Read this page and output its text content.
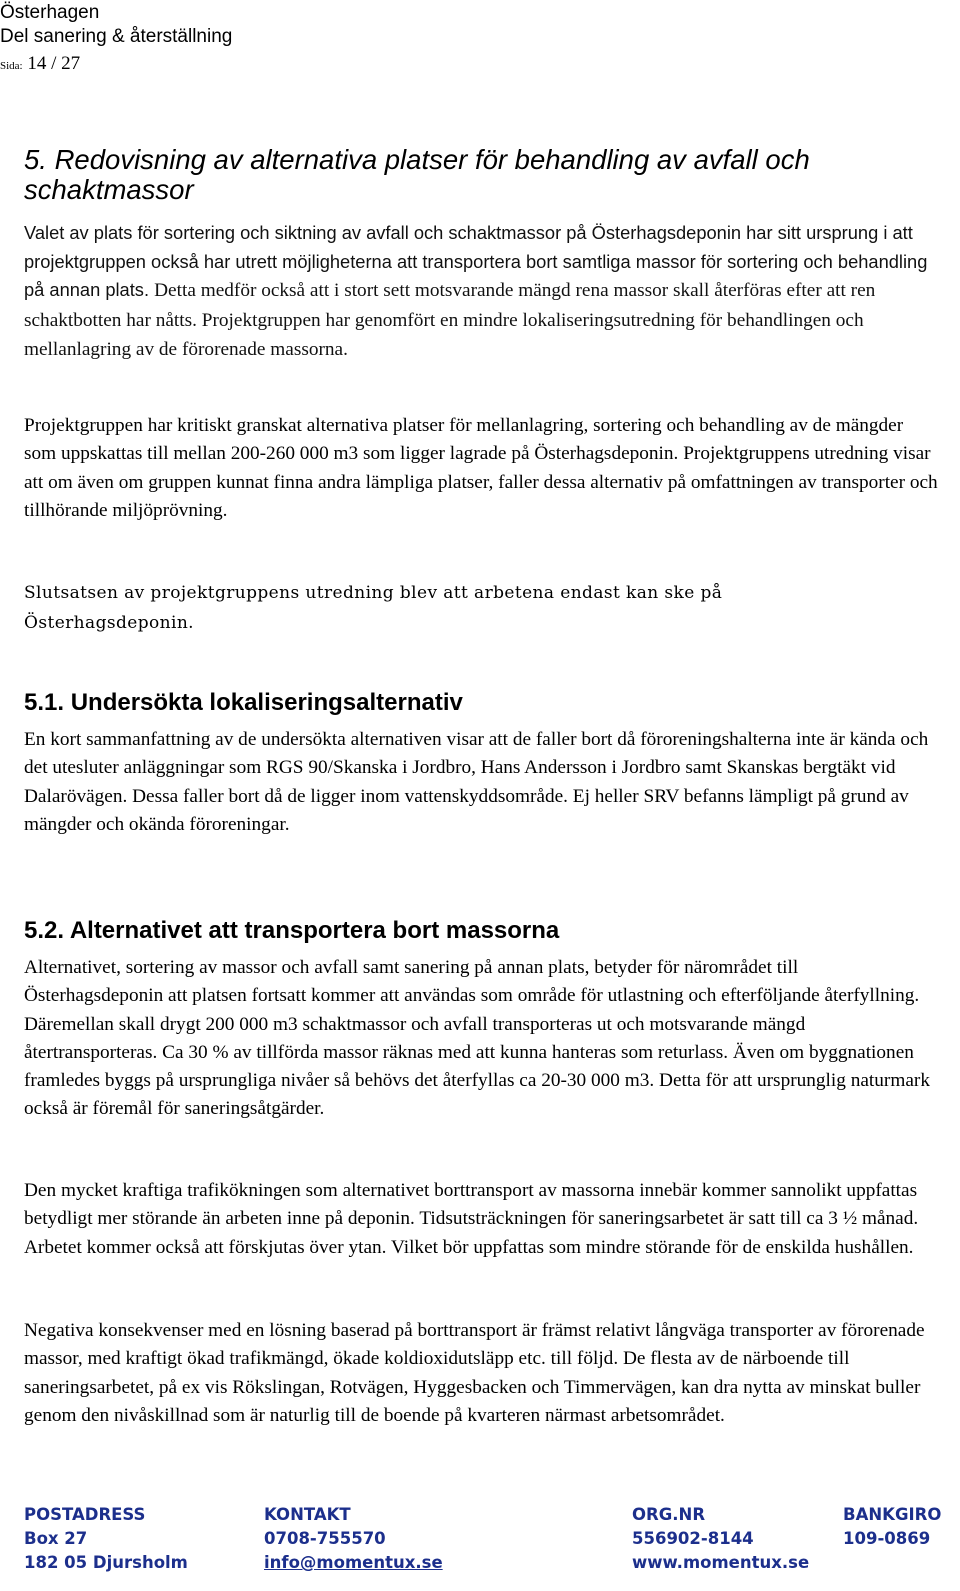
Österhagen
Del sanering & återställning
Sida: 14 / 27
5. Redovisning av alternativa platser för behandling av avfall och schaktmassor

Valet av plats för sortering och siktning av avfall och schaktmassor på Österhagsdeponin har sitt ursprung i att projektgruppen också har utrett möjligheterna att transportera bort samtliga massor för sortering och behandling på annan plats. Detta medför också att i stort sett motsvarande mängd rena massor skall återföras efter att ren schaktbotten har nåtts. Projektgruppen har genomfört en mindre lokaliseringsutredning för behandlingen och mellanlagring av de förorenade massorna.

Projektgruppen har kritiskt granskat alternativa platser för mellanlagring, sortering och behandling av de mängder som uppskattas till mellan 200-260 000 m3 som ligger lagrade på Österhagsdeponin. Projektgruppens utredning visar att om även om gruppen kunnat finna andra lämpliga platser, faller dessa alternativ på omfattningen av transporter och tillhörande miljöprövning.

Slutsatsen av projektgruppens utredning blev att arbetena endast kan ske på Österhagsdeponin.

5.1. Undersökta lokaliseringsalternativ

En kort sammanfattning av de undersökta alternativen visar att de faller bort då föroreningshalterna inte är kända och det utesluter anläggningar som RGS 90/Skanska i Jordbro, Hans Andersson i Jordbro samt Skanskas bergtäkt vid Dalarövägen. Dessa faller bort då de ligger inom vattenskyddsområde. Ej heller SRV befanns lämpligt på grund av mängder och okända föroreningar.

5.2. Alternativet att transportera bort massorna

Alternativet, sortering av massor och avfall samt sanering på annan plats, betyder för närområdet till Österhagsdeponin att platsen fortsatt kommer att användas som område för utlastning och efterföljande återfyllning. Däremellan skall drygt 200 000 m3 schaktmassor och avfall transporteras ut och motsvarande mängd återtransporteras. Ca 30 % av tillförda massor räknas med att kunna hanteras som returlass. Även om byggnationen framledes byggs på ursprungliga nivåer så behövs det återfyllas ca 20-30 000 m3. Detta för att ursprunglig naturmark också är föremål för saneringsåtgärder.

Den mycket kraftiga trafikökningen som alternativet borttransport av massorna innebär kommer sannolikt uppfattas betydligt mer störande än arbeten inne på deponin. Tidsutsträckningen för saneringsarbetet är satt till ca 3 ½ månad. Arbetet kommer också att förskjutas över ytan. Vilket bör uppfattas som mindre störande för de enskilda hushållen.

Negativa konsekvenser med en lösning baserad på borttransport är främst relativt långväga transporter av förorenade massor, med kraftigt ökad trafikmängd, ökade koldioxidutsläpp etc. till följd. De flesta av de närboende till saneringsarbetet, på ex vis Rökslingan, Rotvägen, Hyggesbacken och Timmervägen, kan dra nytta av minskat buller genom den nivåskillnad som är naturlig till de boende på kvarteren närmast arbetsområdet.

POSTADRESS
Box 27
182 05 Djursholm
KONTAKT
0708-755570
info@momentux.se
ORG.NR
556902-8144
www.momentux.se
BANKGIRO
109-0869
